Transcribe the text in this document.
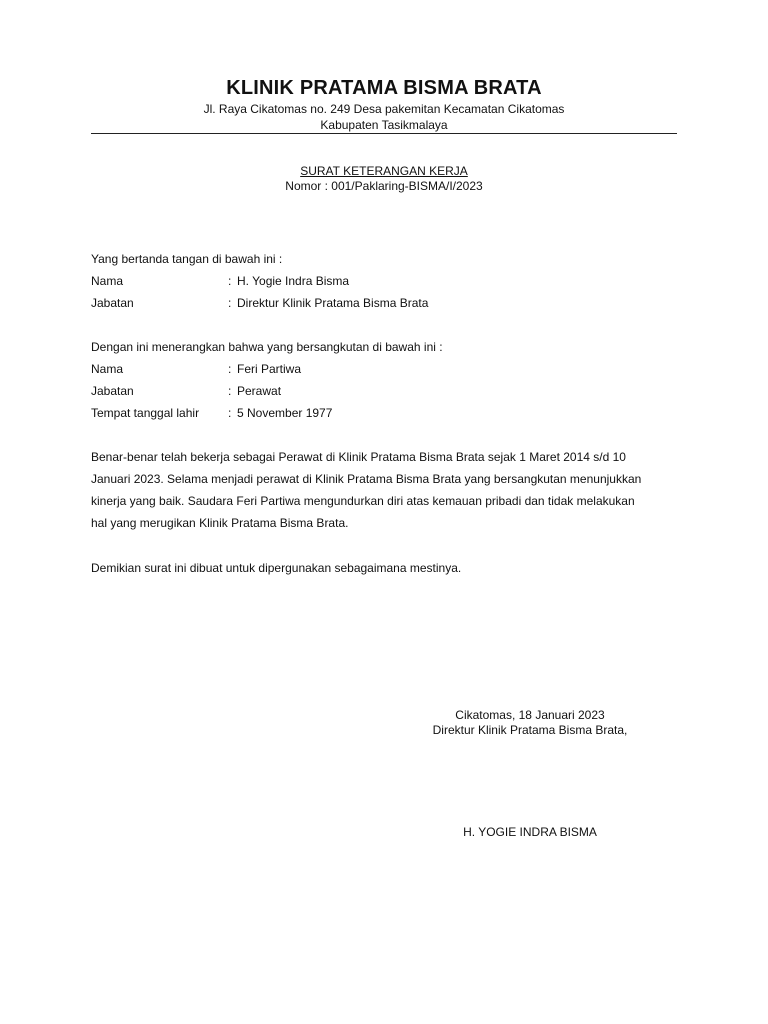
KLINIK PRATAMA BISMA BRATA
Jl. Raya Cikatomas no. 249 Desa pakemitan Kecamatan Cikatomas
Kabupaten Tasikmalaya
SURAT KETERANGAN KERJA
Nomor : 001/Paklaring-BISMA/I/2023
Yang bertanda tangan di bawah ini :
Nama	: H. Yogie Indra Bisma
Jabatan	: Direktur Klinik Pratama Bisma Brata
Dengan ini menerangkan bahwa yang bersangkutan di bawah ini :
Nama	: Feri Partiwa
Jabatan	: Perawat
Tempat tanggal lahir : 5 November 1977
Benar-benar telah bekerja sebagai Perawat di Klinik Pratama Bisma Brata sejak 1 Maret 2014 s/d 10
Januari 2023. Selama menjadi perawat di Klinik Pratama Bisma Brata yang bersangkutan menunjukkan
kinerja yang baik. Saudara Feri Partiwa mengundurkan diri atas kemauan pribadi dan tidak melakukan
hal yang merugikan Klinik Pratama Bisma Brata.
Demikian surat ini dibuat untuk dipergunakan sebagaimana mestinya.
Cikatomas, 18 Januari 2023
Direktur Klinik Pratama Bisma Brata,
H. YOGIE INDRA BISMA
